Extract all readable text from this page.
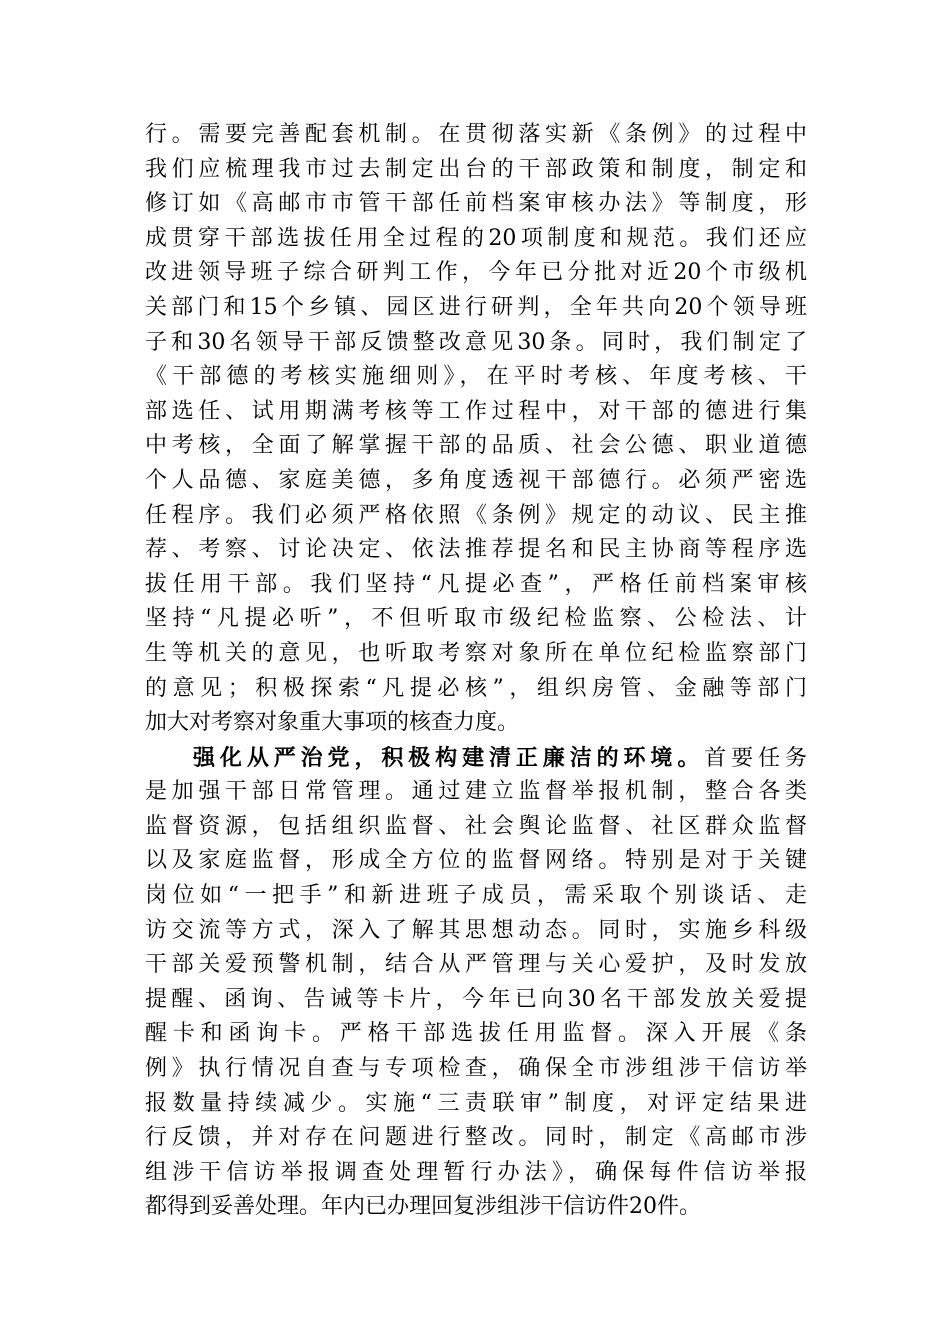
行。需要完善配套机制。在贯彻落实新《条例》的过程中
我们应梳理我市过去制定出台的干部政策和制度，制定和
修订如《高邮市市管干部任前档案审核办法》等制度，形
成贯穿干部选拔任用全过程的20项制度和规范。我们还应
改进领导班子综合研判工作，今年已分批对近20个市级机
关部门和15个乡镇、园区进行研判，全年共向20个领导班
子和30名领导干部反馈整改意见30条。同时，我们制定了
《干部德的考核实施细则》，在平时考核、年度考核、干
部选任、试用期满考核等工作过程中，对干部的德进行集
中考核，全面了解掌握干部的品质、社会公德、职业道德
个人品德、家庭美德，多角度透视干部德行。必须严密选
任程序。我们必须严格依照《条例》规定的动议、民主推
荐、考察、讨论决定、依法推荐提名和民主协商等程序选
拔任用干部。我们坚持“凡提必查”，严格任前档案审核
坚持“凡提必听”，不但听取市级纪检监察、公检法、计
生等机关的意见，也听取考察对象所在单位纪检监察部门
的意见；积极探索“凡提必核”，组织房管、金融等部门
加大对考察对象重大事项的核查力度。
强化从严治党，积极构建清正廉洁的环境。首要任务
是加强干部日常管理。通过建立监督举报机制，整合各类
监督资源，包括组织监督、社会舆论监督、社区群众监督
以及家庭监督，形成全方位的监督网络。特别是对于关键
岗位如“一把手”和新进班子成员，需采取个别谈话、走
访交流等方式，深入了解其思想动态。同时，实施乡科级
干部关爱预警机制，结合从严管理与关心爱护，及时发放
提醒、函询、告诫等卡片，今年已向30名干部发放关爱提
醒卡和函询卡。严格干部选拔任用监督。深入开展《条
例》执行情况自查与专项检查，确保全市涉组涉干信访举
报数量持续减少。实施“三责联审”制度，对评定结果进
行反馈，并对存在问题进行整改。同时，制定《高邮市涉
组涉干信访举报调查处理暂行办法》，确保每件信访举报
都得到妥善处理。年内已办理回复涉组涉干信访件20件。
